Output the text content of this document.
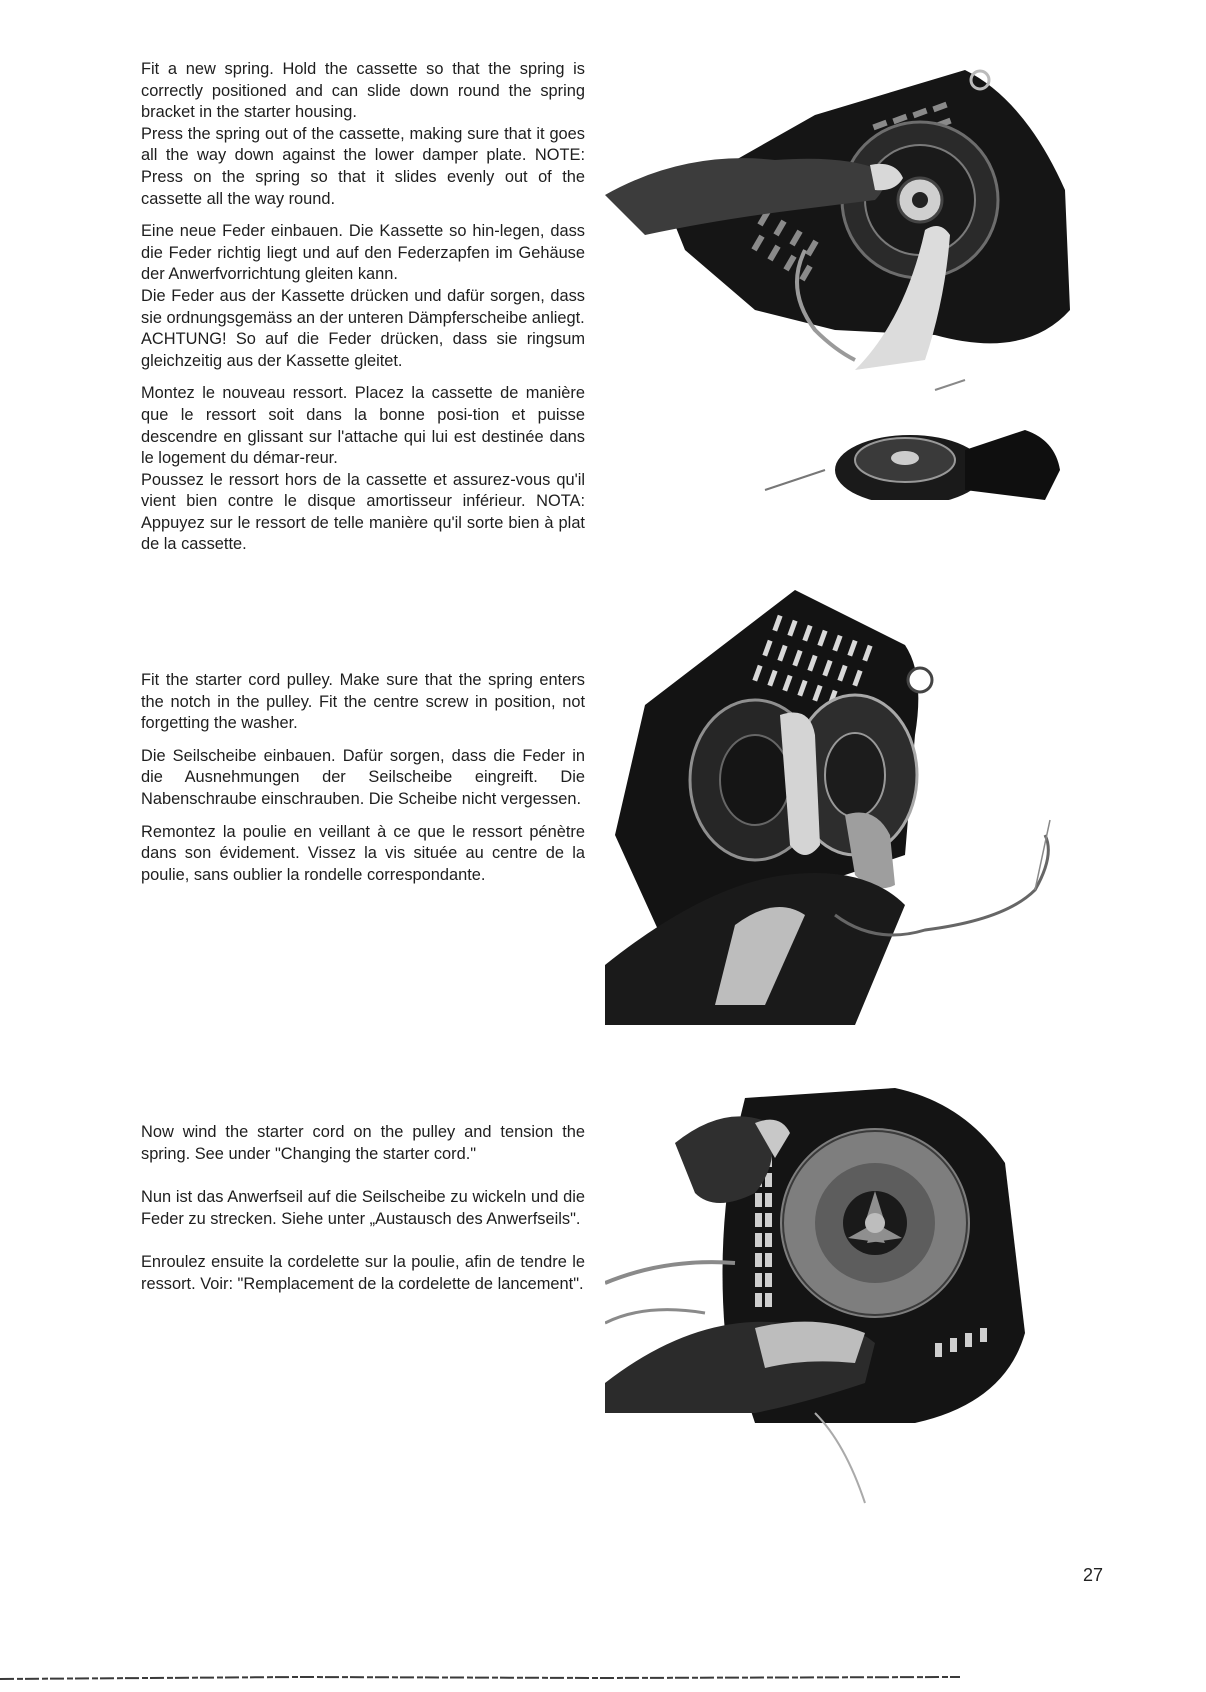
Fit a new spring. Hold the cassette so that the spring is correctly positioned and can slide down round the spring bracket in the starter housing.

Press the spring out of the cassette, making sure that it goes all the way down against the lower damper plate. NOTE: Press on the spring so that it slides evenly out of the cassette all the way round.

Eine neue Feder einbauen. Die Kassette so hin-legen, dass die Feder richtig liegt und auf den Federzapfen im Gehäuse der Anwerfvorrichtung gleiten kann.

Die Feder aus der Kassette drücken und dafür sorgen, dass sie ordnungsgemäss an der unteren Dämpferscheibe anliegt.

ACHTUNG! So auf die Feder drücken, dass sie ringsum gleichzeitig aus der Kassette gleitet.

Montez le nouveau ressort. Placez la cassette de manière que le ressort soit dans la bonne posi-tion et puisse descendre en glissant sur l'attache qui lui est destinée dans le logement du démar-reur.

Poussez le ressort hors de la cassette et assurez-vous qu'il vient bien contre le disque amortisseur inférieur. NOTA: Appuyez sur le ressort de telle manière qu'il sorte bien à plat de la cassette.

Fit the starter cord pulley. Make sure that the spring enters the notch in the pulley. Fit the centre screw in position, not forgetting the washer.

Die Seilscheibe einbauen. Dafür sorgen, dass die Feder in die Ausnehmungen der Seilscheibe eingreift. Die Nabenschraube einschrauben. Die Scheibe nicht vergessen.

Remontez la poulie en veillant à ce que le ressort pénètre dans son évidement. Vissez la vis située au centre de la poulie, sans oublier la rondelle correspondante.

Now wind the starter cord on the pulley and tension the spring. See under "Changing the starter cord."

Nun ist das Anwerfseil auf die Seilscheibe zu wickeln und die Feder zu strecken. Siehe unter „Austausch des Anwerfseils".

Enroulez ensuite la cordelette sur la poulie, afin de tendre le ressort. Voir: "Remplacement de la cordelette de lancement".

27
